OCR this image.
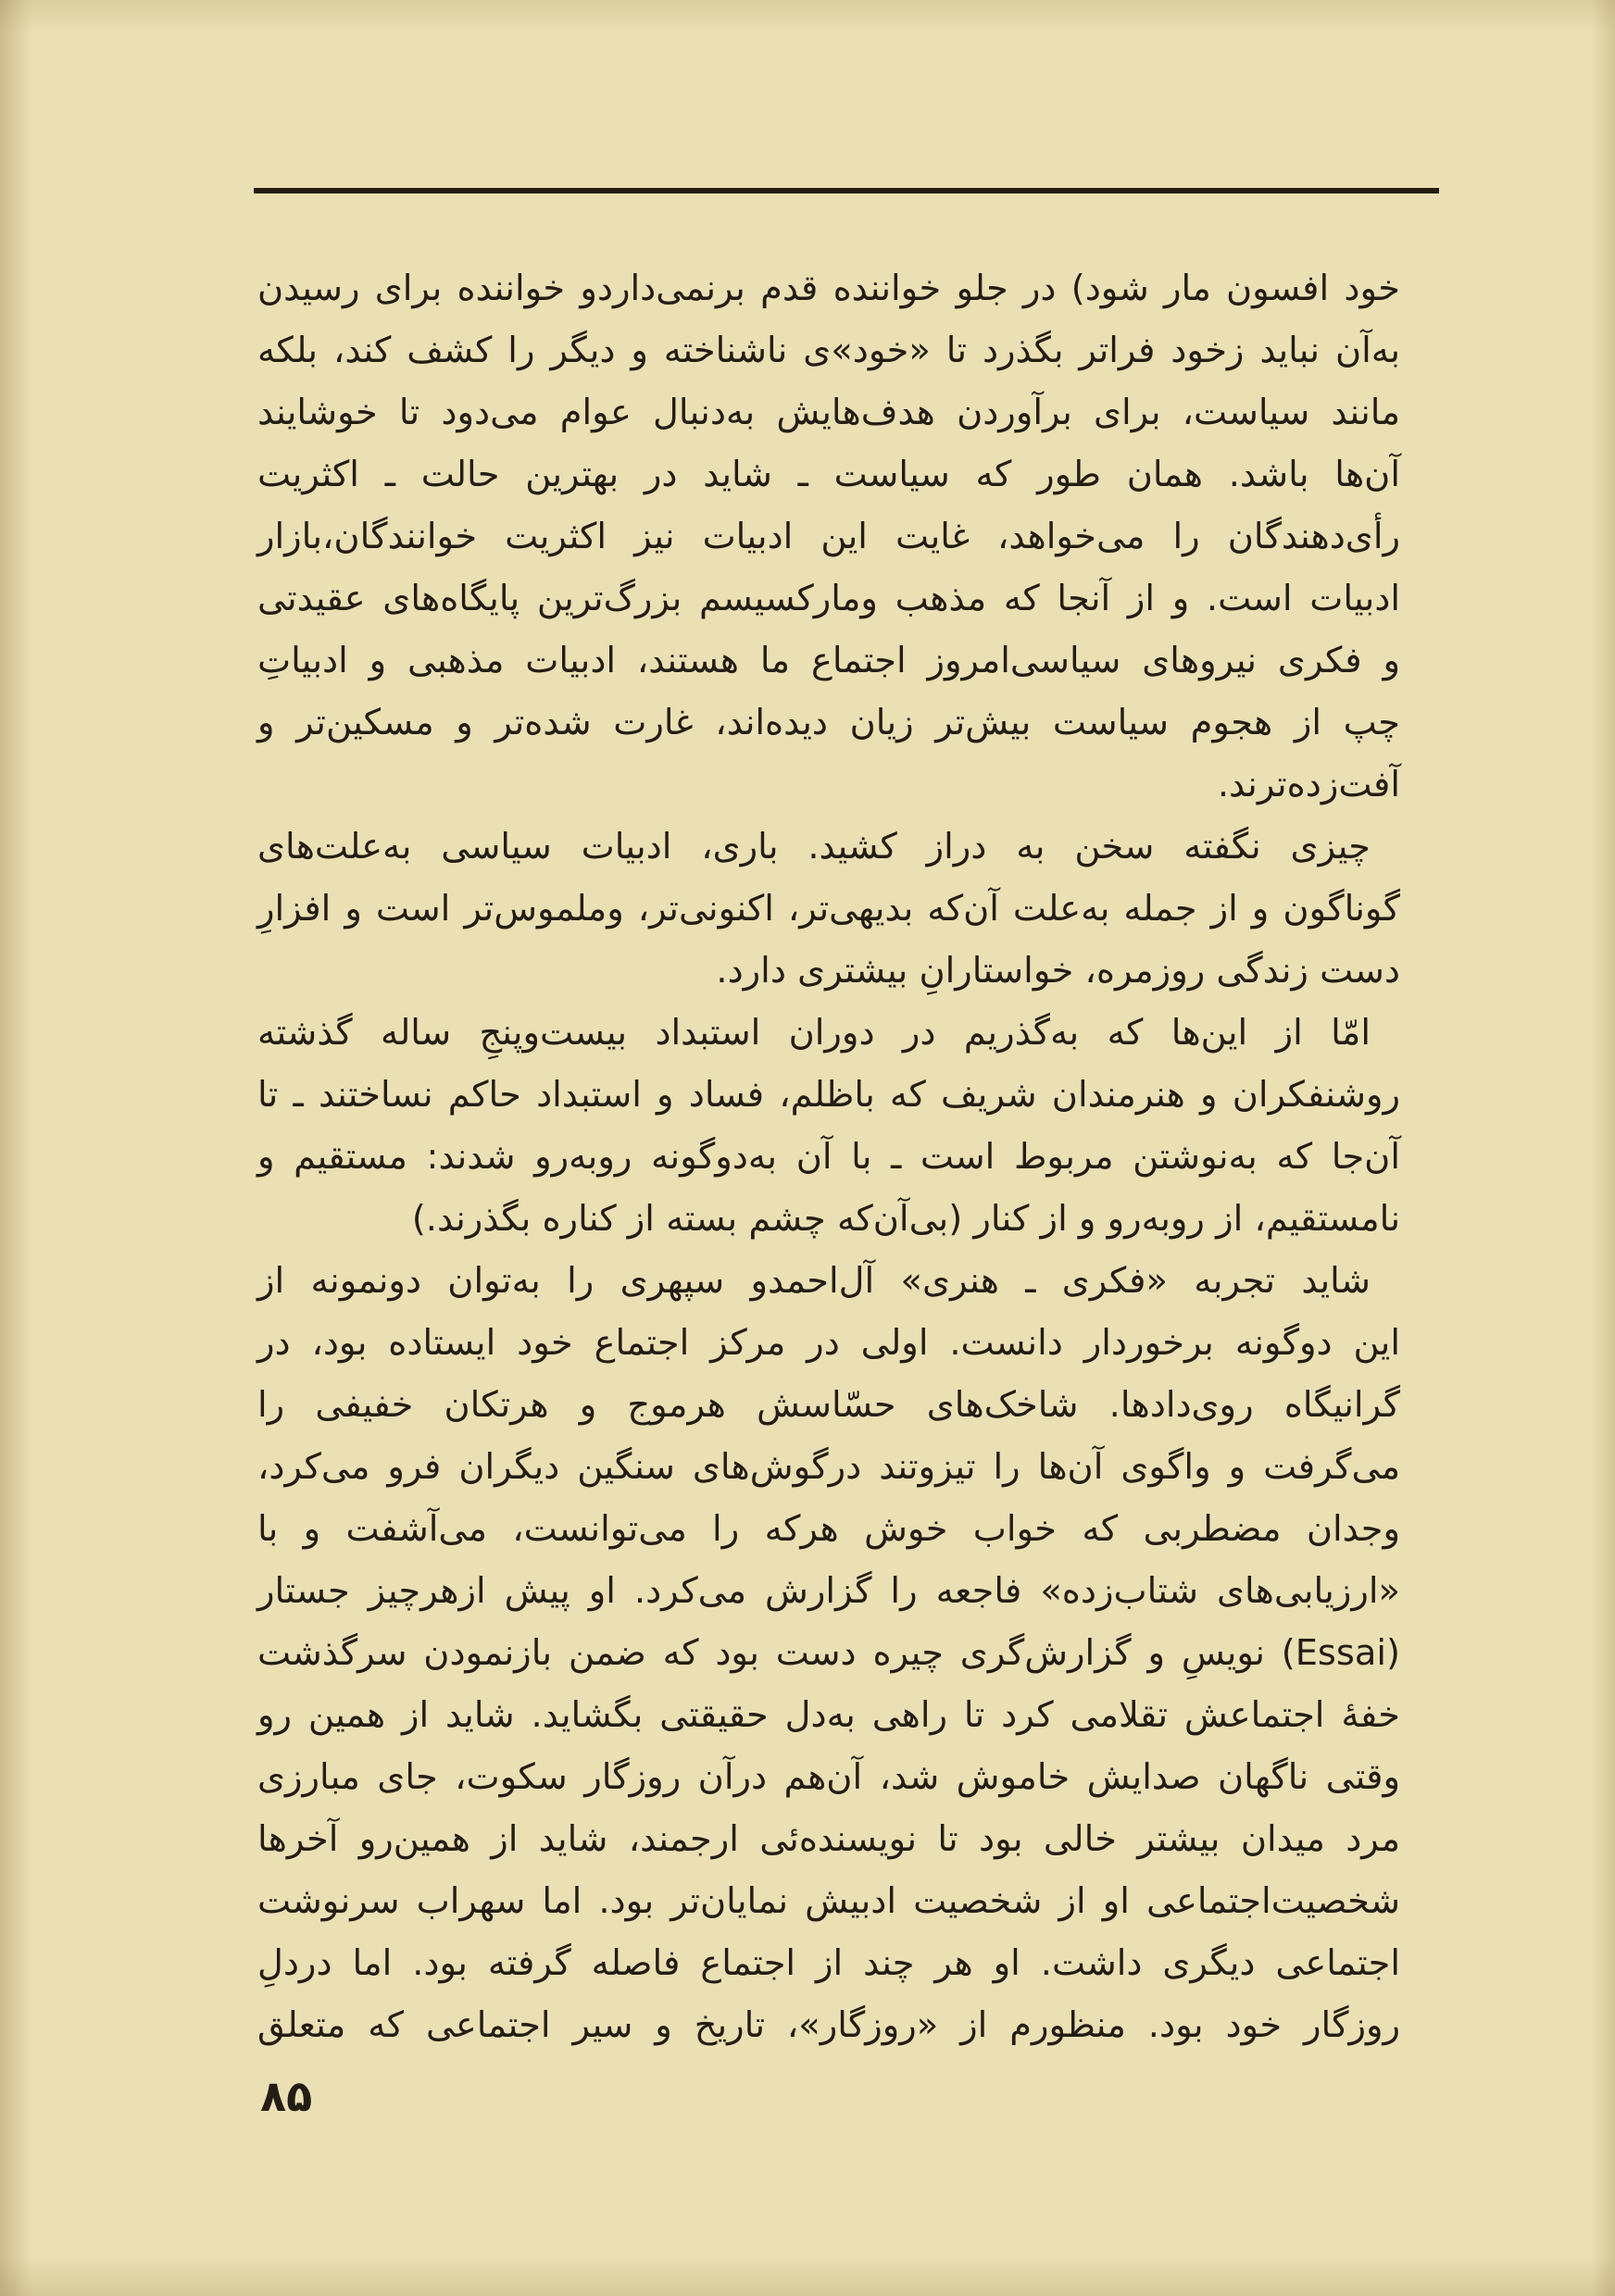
خود افسون مار شود) در جلو خواننده قدم برنمی‌داردو خواننده برای رسیدن
به‌آن نباید زخود فراتر بگذرد تا «خود»ی ناشناخته و دیگر را کشف کند، بلکه
مانند سیاست، برای برآوردن هدف‌هایش به‌دنبال عوام می‌دود تا خوشایند
آن‌ها باشد. همان طور که سیاست ـ شاید در بهترین حالت ـ اکثریت
رأی‌دهندگان را می‌خواهد، غایت این ادبیات نیز اکثریت خوانندگان،بازار
ادبیات است. و از آنجا که مذهب ومارکسیسم بزرگ‌ترین پایگاه‌های عقیدتی
و فکری نیروهای سیاسی‌امروز اجتماع ما هستند، ادبیات مذهبی و ادبیاتِ
چپ از هجوم سیاست بیش‌تر زیان دیده‌اند، غارت شده‌تر و مسکین‌تر و
آفت‌زده‌ترند.
چیزی نگفته سخن به دراز کشید. باری، ادبیات سیاسی به‌علت‌های
گوناگون و از جمله به‌علت آن‌که بدیهی‌تر، اکنونی‌تر، وملموس‌تر است و افزارِ
دست زندگی روزمره، خواستارانِ بیشتری دارد.
امّا از این‌ها که به‌گذریم در دوران استبداد بیست‌وپنجِ ساله گذشته
روشنفکران و هنرمندان شریف که باظلم، فساد و استبداد حاکم نساختند ـ تا
آن‌جا که به‌نوشتن مربوط است ـ با آن به‌دوگونه روبه‌رو شدند: مستقیم و
نامستقیم، از روبه‌رو و از کنار (بی‌آن‌که چشم بسته از کناره بگذرند.)
شاید تجربه «فکری ـ هنری» آل‌احمدو سپهری را به‌توان دونمونه از
این دوگونه برخوردار دانست. اولی در مرکز اجتماع خود ایستاده بود، در
گرانیگاه روی‌دادها. شاخک‌های حسّاسش هرموج و هرتکان خفیفی را
می‌گرفت و واگوی آن‌ها را تیزوتند درگوش‌های سنگین دیگران فرو می‌کرد،
وجدان مضطربی که خواب خوش هرکه را می‌توانست، می‌آشفت و با
«ارزیابی‌های شتاب‌زده» فاجعه را گزارش می‌کرد. او پیش ازهرچیز جستار
(Essai) نویسِ و گزارش‌گری چیره دست بود که ضمن بازنمودن سرگذشت
خفهٔ اجتماعش تقلامی کرد تا راهی به‌دل حقیقتی بگشاید. شاید از همین رو
وقتی ناگهان صدایش خاموش شد، آن‌هم درآن روزگار سکوت، جای مبارزی
مرد میدان بیشتر خالی بود تا نویسنده‌ئی ارجمند، شاید از همین‌رو آخرها
شخصیت‌اجتماعی او از شخصیت ادبیش نمایان‌تر بود. اما سهراب سرنوشت
اجتماعی دیگری داشت. او هر چند از اجتماع فاصله گرفته بود. اما دردلِ
روزگار خود بود. منظورم از «روزگار»، تاریخ و سیر اجتماعی که متعلق
۸۵
